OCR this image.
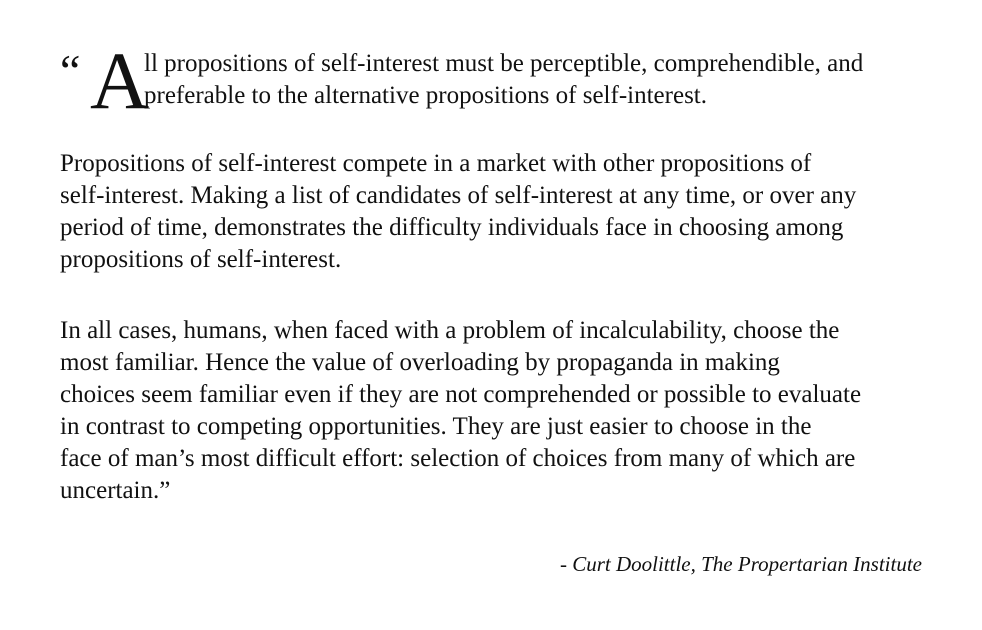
“ A
ll propositions of self-interest must be perceptible, comprehendible, and
preferable to the alternative propositions of self-interest.

Propositions of self-interest compete in a market with other propositions of
self-interest. Making a list of candidates of self-interest at any time, or over any
period of time, demonstrates the difficulty individuals face in choosing among
propositions of self-interest.

In all cases, humans, when faced with a problem of incalculability, choose the
most familiar. Hence the value of overloading by propaganda in making
choices seem familiar even if they are not comprehended or possible to evaluate
in contrast to competing opportunities. They are just easier to choose in the
face of man’s most difficult effort: selection of choices from many of which are
uncertain.”

- Curt Doolittle, The Propertarian Institute
